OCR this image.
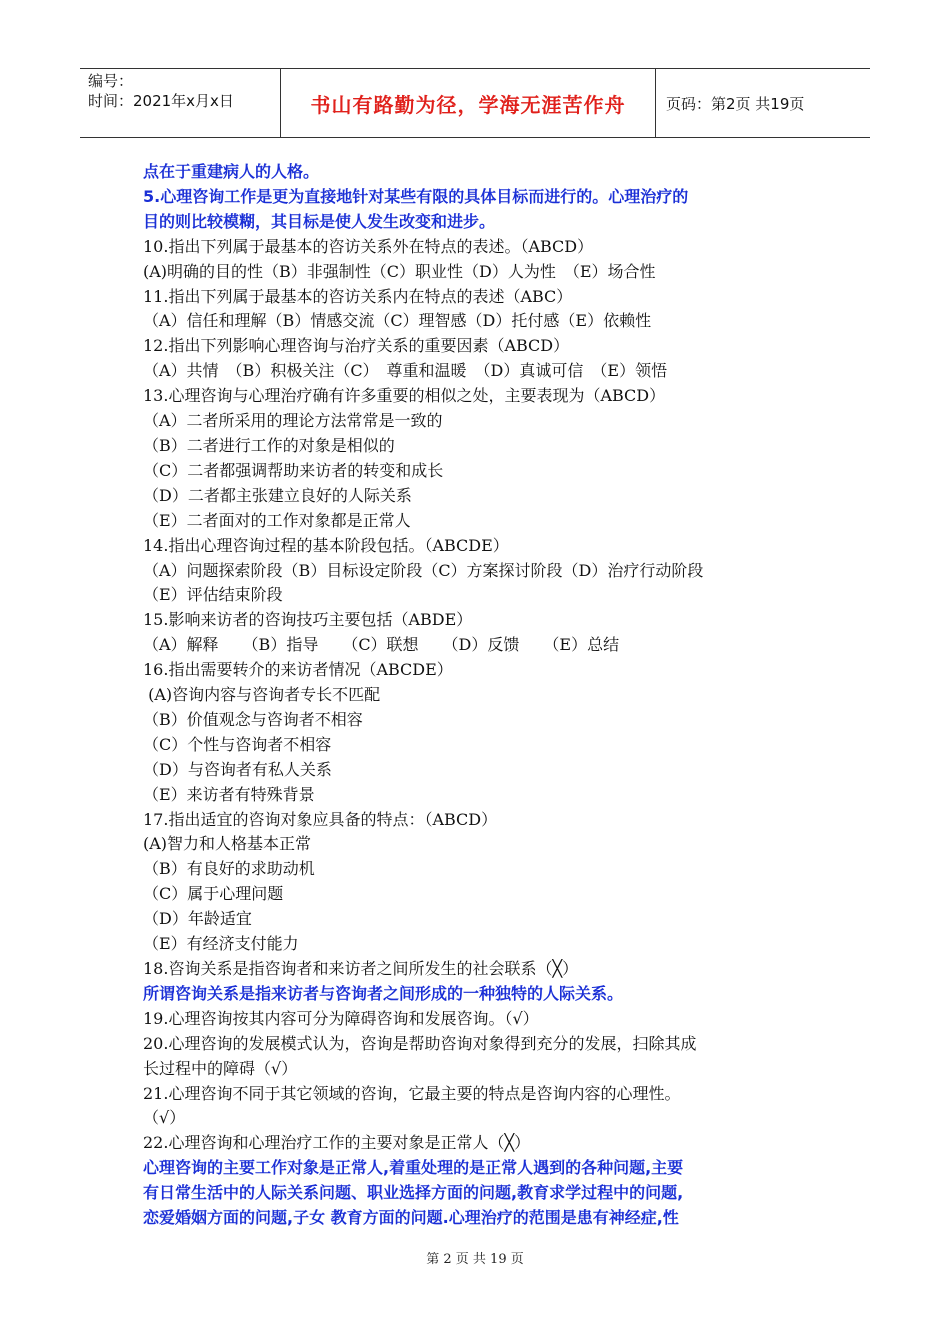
编号：
时间：2021年x月x日	书山有路勤为径，学海无涯苦作舟	页码：第2页 共19页
点在于重建病人的人格。
5.心理咨询工作是更为直接地针对某些有限的具体目标而进行的。心理治疗的
目的则比较模糊，其目标是使人发生改变和进步。
10.指出下列属于最基本的咨访关系外在特点的表述。（ABCD）
(A)明确的目的性（B）非强制性（C）职业性（D）人为性　（E）场合性
11.指出下列属于最基本的咨访关系内在特点的表述（ABC）
（A）信任和理解（B）情感交流（C）理智感（D）托付感（E）依赖性
12.指出下列影响心理咨询与治疗关系的重要因素（ABCD）
（A）共情　（B）积极关注（C）　尊重和温暖　（D）真诚可信　（E）领悟
13.心理咨询与心理治疗确有许多重要的相似之处，主要表现为（ABCD）
（A）二者所采用的理论方法常常是一致的
（B）二者进行工作的对象是相似的
（C）二者都强调帮助来访者的转变和成长
（D）二者都主张建立良好的人际关系
（E）二者面对的工作对象都是正常人
14.指出心理咨询过程的基本阶段包括。（ABCDE）
（A）问题探索阶段（B）目标设定阶段（C）方案探讨阶段（D）治疗行动阶段
（E）评估结束阶段
15.影响来访者的咨询技巧主要包括（ABDE）
（A）解释　　（B）指导　　（C）联想　　（D）反馈　　（E）总结
16.指出需要转介的来访者情况（ABCDE）
(A)咨询内容与咨询者专长不匹配
（B）价值观念与咨询者不相容
（C）个性与咨询者不相容
（D）与咨询者有私人关系
（E）来访者有特殊背景
17.指出适宜的咨询对象应具备的特点：（ABCD）
(A)智力和人格基本正常
（B）有良好的求助动机
（C）属于心理问题
（D）年龄适宜
（E）有经济支付能力
18.咨询关系是指咨询者和来访者之间所发生的社会联系（╳）
所谓咨询关系是指来访者与咨询者之间形成的一种独特的人际关系。
19.心理咨询按其内容可分为障碍咨询和发展咨询。（√）
20.心理咨询的发展模式认为，咨询是帮助咨询对象得到充分的发展，扫除其成
长过程中的障碍（√）
21.心理咨询不同于其它领域的咨询，它最主要的特点是咨询内容的心理性。
（√）
22.心理咨询和心理治疗工作的主要对象是正常人（╳）
心理咨询的主要工作对象是正常人,着重处理的是正常人遇到的各种问题,主要
有日常生活中的人际关系问题、职业选择方面的问题,教育求学过程中的问题,
恋爱婚姻方面的问题,子女 教育方面的问题.心理治疗的范围是患有神经症,性
第 2 页 共 19 页
